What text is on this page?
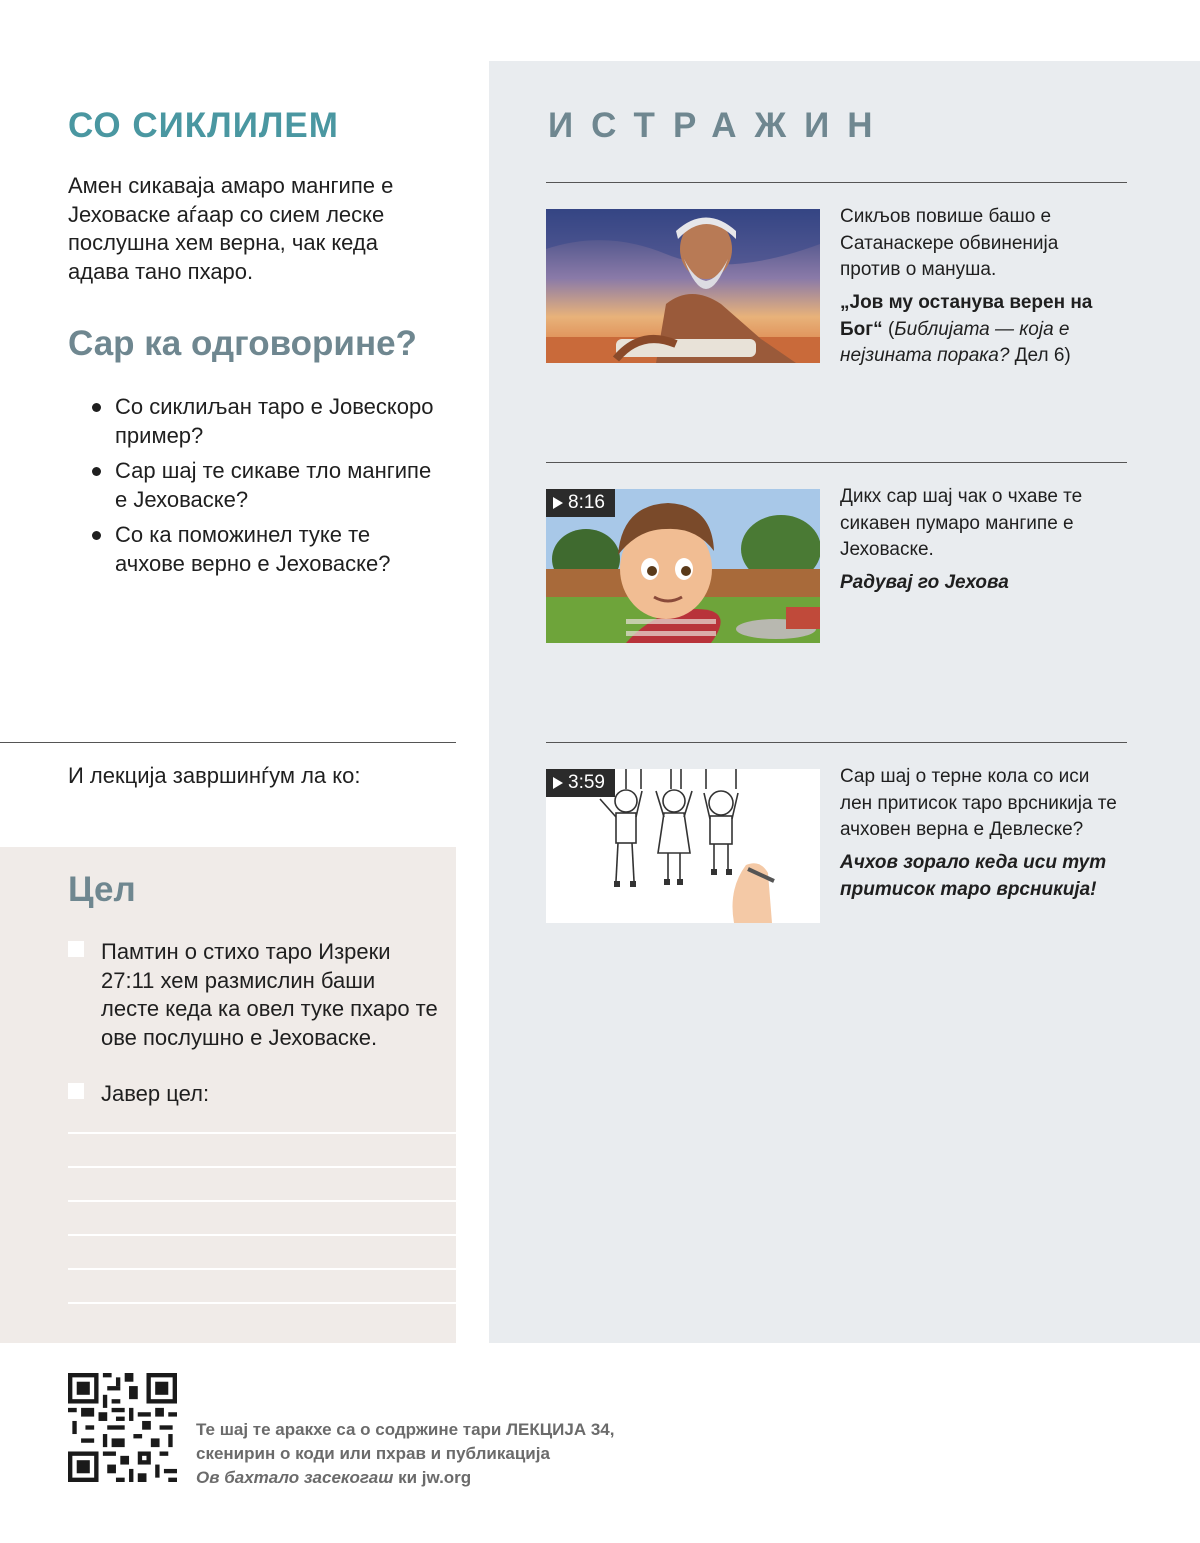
СО СИКЛИЛЕМ
Амен сикаваја амаро мангипе е Јеховаске аѓаар со сием леске послушна хем верна, чак кеда адава тано пхаро.
Сар ка одговорине?
Со сиклиљан таро е Јовескоро пример?
Сар шај те сикаве тло мангипе е Јеховаске?
Со ка поможинел туке те ачхове верно е Јеховаске?
И лекција завршинѓум ла ко:
Цел
Памтин о стихо таро Изреки 27:11 хем размислин баши лесте кеда ка овел туке пхаро те ове послушно е Јеховаске.
Јавер цел:
ИСТРАЖИН
Сикљов повише башо е Сатанаскере обвиненија против о мануша.
„Јов му останува верен на Бог“ (Библијата — која е нејзината порака? Дел 6)
8:16	Дикх сар шај чак о чхаве те сикавен пумаро мангипе е Јеховаске.
Радувај го Јехова
3:59	Сар шај о терне кола со иси лен притисок таро врсникија те ачховен верна е Девлеске?
Ачхов зорало кеда иси тут притисок таро врсникија!
Те шај те аракхе са о содржине тари ЛЕКЦИЈА 34,
скенирин о коди или пхрав и публикација
Ов бахтало засекогаш ки jw.org
